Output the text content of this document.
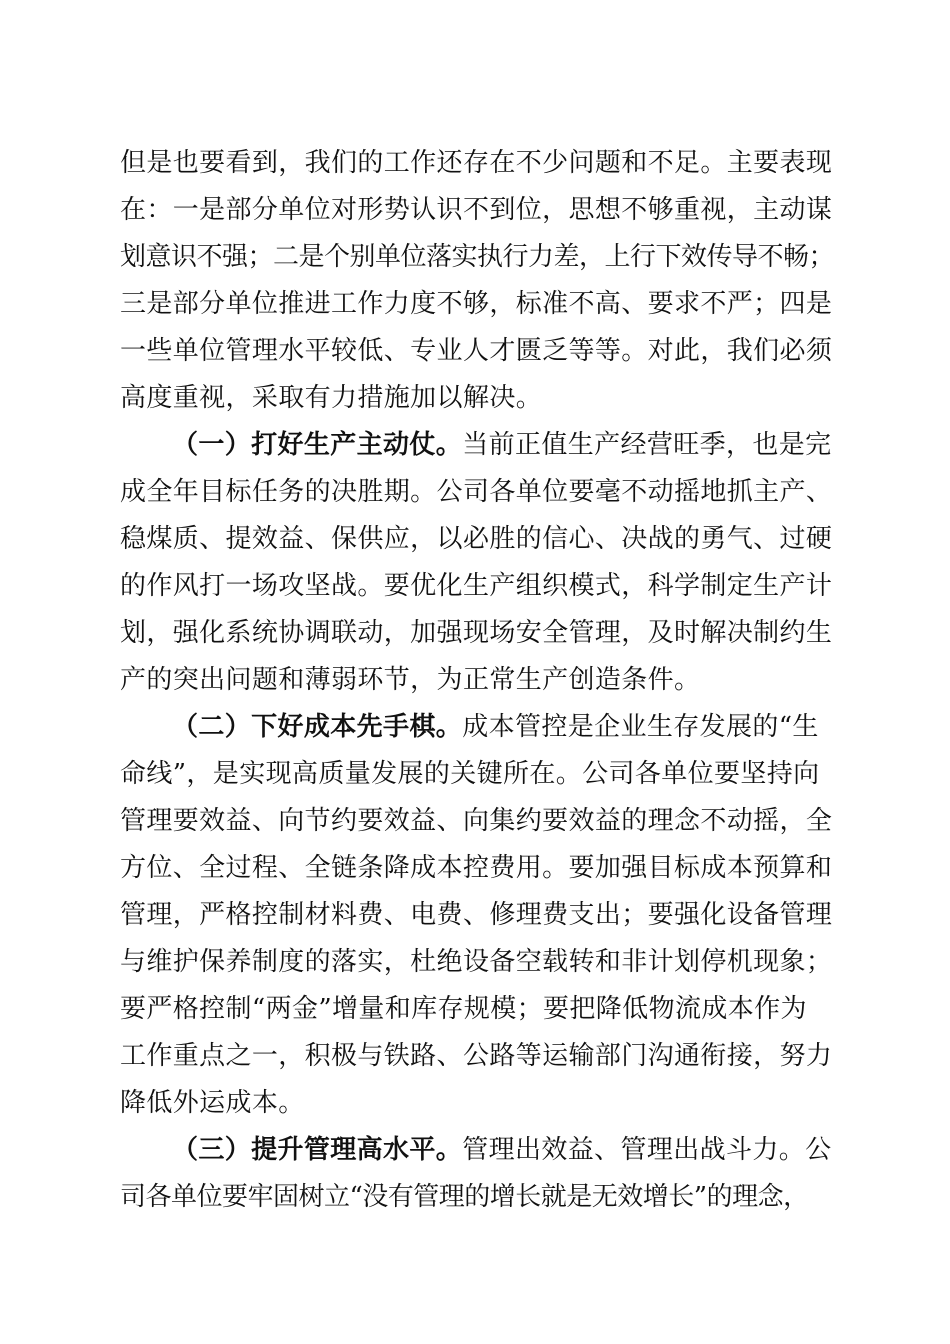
但是也要看到，我们的工作还存在不少问题和不足。主要表现
在：一是部分单位对形势认识不到位，思想不够重视，主动谋
划意识不强；二是个别单位落实执行力差，上行下效传导不畅；
三是部分单位推进工作力度不够，标准不高、要求不严；四是
一些单位管理水平较低、专业人才匮乏等等。对此，我们必须
高度重视，采取有力措施加以解决。
（一）打好生产主动仗。当前正值生产经营旺季，也是完
成全年目标任务的决胜期。公司各单位要毫不动摇地抓主产、
稳煤质、提效益、保供应，以必胜的信心、决战的勇气、过硬
的作风打一场攻坚战。要优化生产组织模式，科学制定生产计
划，强化系统协调联动，加强现场安全管理，及时解决制约生
产的突出问题和薄弱环节，为正常生产创造条件。
（二）下好成本先手棋。成本管控是企业生存发展的“生
命线”，是实现高质量发展的关键所在。公司各单位要坚持向
管理要效益、向节约要效益、向集约要效益的理念不动摇，全
方位、全过程、全链条降成本控费用。要加强目标成本预算和
管理，严格控制材料费、电费、修理费支出；要强化设备管理
与维护保养制度的落实，杜绝设备空载转和非计划停机现象；
要严格控制“两金”增量和库存规模；要把降低物流成本作为
工作重点之一，积极与铁路、公路等运输部门沟通衔接，努力
降低外运成本。
（三）提升管理高水平。管理出效益、管理出战斗力。公
司各单位要牢固树立“没有管理的增长就是无效增长”的理念，
